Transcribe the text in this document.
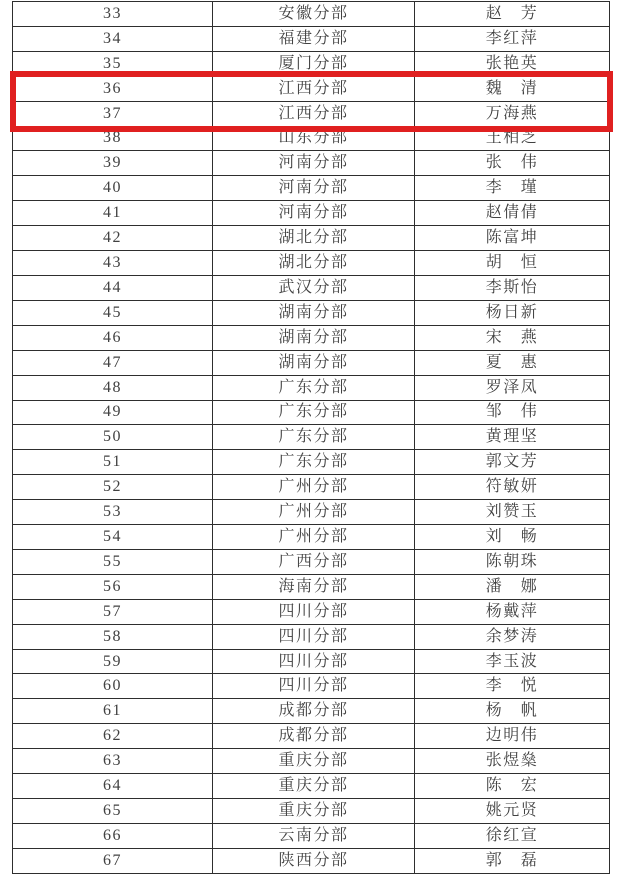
33	安徽分部	赵　芳
34	福建分部	李红萍
35	厦门分部	张艳英
36	江西分部	魏　清
37	江西分部	万海燕
38	山东分部	王相芝
39	河南分部	张　伟
40	河南分部	李　瑾
41	河南分部	赵倩倩
42	湖北分部	陈富坤
43	湖北分部	胡　恒
44	武汉分部	李斯怡
45	湖南分部	杨日新
46	湖南分部	宋　燕
47	湖南分部	夏　惠
48	广东分部	罗泽凤
49	广东分部	邹　伟
50	广东分部	黄理坚
51	广东分部	郭文芳
52	广州分部	符敏妍
53	广州分部	刘赞玉
54	广州分部	刘　畅
55	广西分部	陈朝珠
56	海南分部	潘　娜
57	四川分部	杨戴萍
58	四川分部	余梦涛
59	四川分部	李玉波
60	四川分部	李　悦
61	成都分部	杨　帆
62	成都分部	边明伟
63	重庆分部	张煜燊
64	重庆分部	陈　宏
65	重庆分部	姚元贤
66	云南分部	徐红宣
67	陕西分部	郭　磊
